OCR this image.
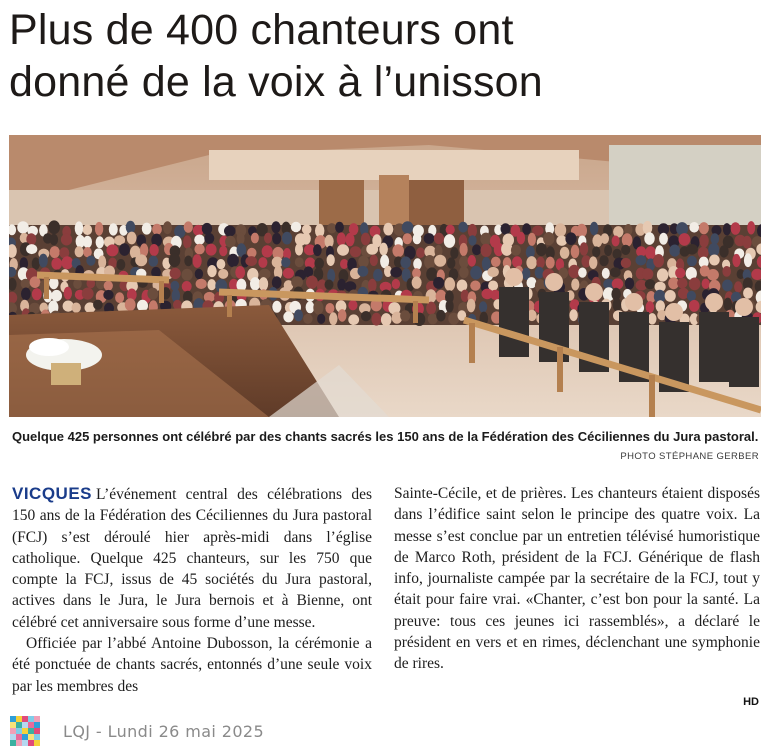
Plus de 400 chanteurs ont
donné de la voix à l’unisson
Quelque 425 personnes ont célébré par des chants sacrés les 150 ans de la Fédération des Céciliennes du Jura pastoral.
PHOTO STÉPHANE GERBER

VICQUES L’événement central des célébrations des 150 ans de la Fédération des Céciliennes du Jura pastoral (FCJ) s’est déroulé hier après-midi dans l’église catholique. Quelque 425 chanteurs, sur les 750 que compte la FCJ, issus de 45 sociétés du Jura pastoral, actives dans le Jura, le Jura bernois et à Bienne, ont célébré cet anniversaire sous forme d’une messe.

Officiée par l’abbé Antoine Dubosson, la cérémonie a été ponctuée de chants sacrés, entonnés d’une seule voix par les membres des

Sainte-Cécile, et de prières. Les chanteurs étaient disposés dans l’édifice saint selon le principe des quatre voix. La messe s’est conclue par un entretien télévisé humoristique de Marco Roth, président de la FCJ. Générique de flash info, journaliste campée par la secrétaire de la FCJ, tout y était pour faire vrai. «Chanter, c’est bon pour la santé. La preuve: tous ces jeunes ici rassemblés», a déclaré le président en vers et en rimes, déclenchant une symphonie de rires.

HD
LQJ - Lundi 26 mai 2025
